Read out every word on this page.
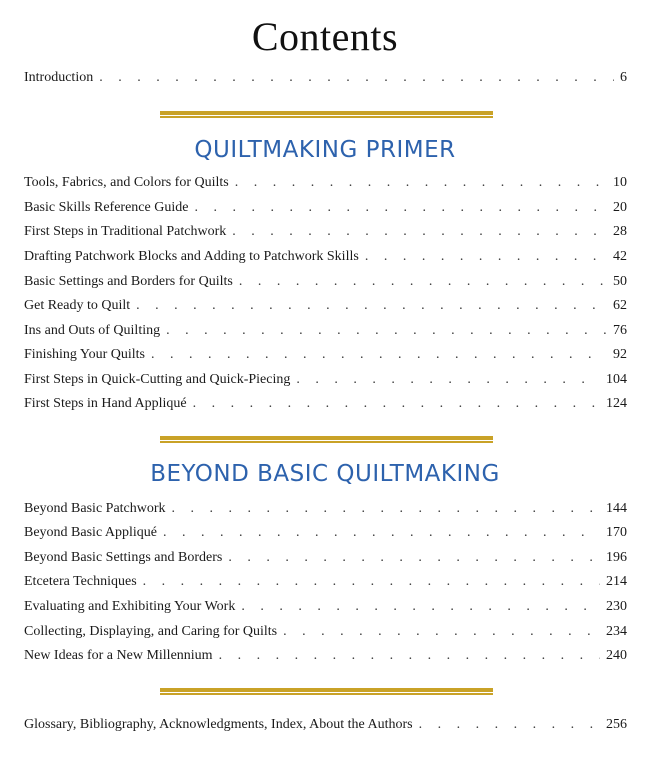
Contents
Introduction . . .	6
QUILTMAKING PRIMER
Tools, Fabrics, and Colors for Quilts . . .	10
Basic Skills Reference Guide . . .	20
First Steps in Traditional Patchwork . . .	28
Drafting Patchwork Blocks and Adding to Patchwork Skills . . .	42
Basic Settings and Borders for Quilts . . .	50
Get Ready to Quilt . . .	62
Ins and Outs of Quilting . . .	76
Finishing Your Quilts . . .	92
First Steps in Quick-Cutting and Quick-Piecing . . .	104
First Steps in Hand Appliqué . . .	124
BEYOND BASIC QUILTMAKING
Beyond Basic Patchwork . . .	144
Beyond Basic Appliqué . . .	170
Beyond Basic Settings and Borders . . .	196
Etcetera Techniques . . .	214
Evaluating and Exhibiting Your Work . . .	230
Collecting, Displaying, and Caring for Quilts . . .	234
New Ideas for a New Millennium . . .	240
Glossary, Bibliography, Acknowledgments, Index, About the Authors . . .	256
